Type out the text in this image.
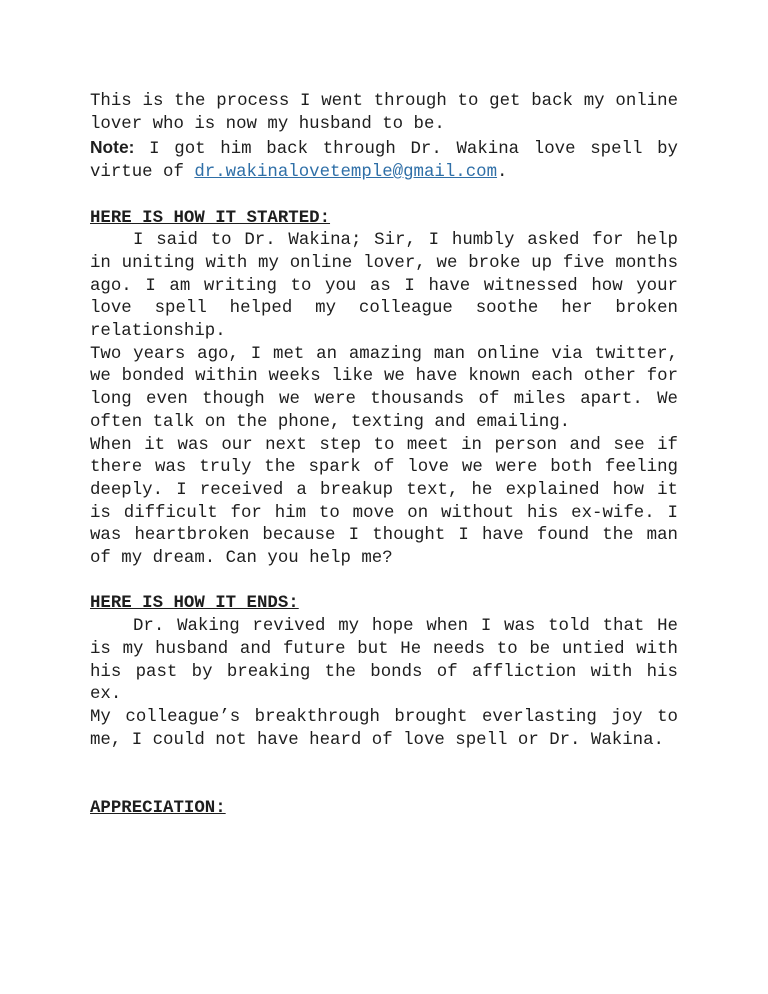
This is the process I went through to get back my online lover who is now my husband to be.

Note: I got him back through Dr. Wakina love spell by virtue of dr.wakinalovetemple@gmail.com.

HERE IS HOW IT STARTED:

I said to Dr. Wakina; Sir, I humbly asked for help in uniting with my online lover, we broke up five months ago. I am writing to you as I have witnessed how your love spell helped my colleague soothe her broken relationship.

Two years ago, I met an amazing man online via twitter, we bonded within weeks like we have known each other for long even though we were thousands of miles apart. We often talk on the phone, texting and emailing.

When it was our next step to meet in person and see if there was truly the spark of love we were both feeling deeply. I received a breakup text, he explained how it is difficult for him to move on without his ex-wife. I was heartbroken because I thought I have found the man of my dream. Can you help me?

HERE IS HOW IT ENDS:

Dr. Waking revived my hope when I was told that He is my husband and future but He needs to be untied with his past by breaking the bonds of affliction with his ex.

My colleague’s breakthrough brought everlasting joy to me, I could not have heard of love spell or Dr. Wakina.

APPRECIATION:
